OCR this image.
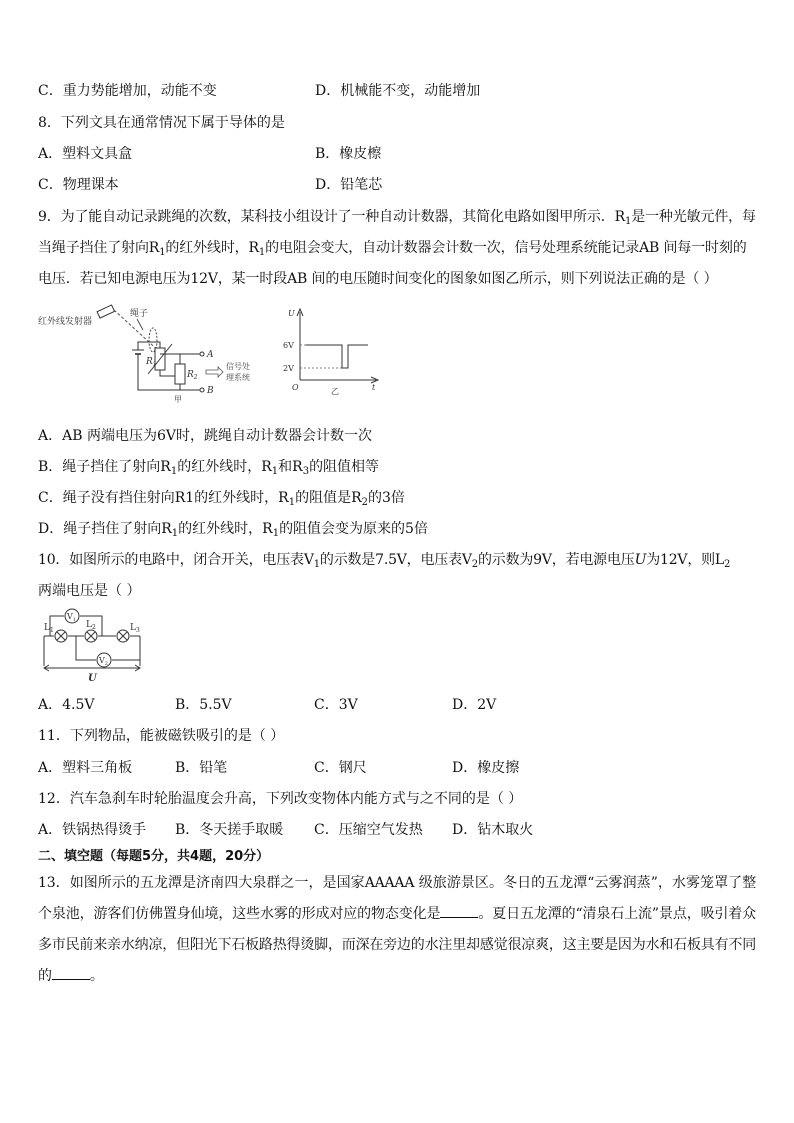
C．重力势能增加，动能不变	D．机械能不变，动能增加
8．下列文具在通常情况下属于导体的是
A．塑料文具盒	B．橡皮檫
C．物理课本	D．铅笔芯
9．为了能自动记录跳绳的次数，某科技小组设计了一种自动计数器，其简化电路如图甲所示．$R_1$是一种光敏元件，每
当绳子挡住了射向$R_1$的红外线时，$R_1$的电阻会变大，自动计数器会计数一次，信号处理系统能记录AB 间每一时刻的
电压．若已知电源电压为12V，某一时段AB 间的电压随时间变化的图象如图乙所示，则下列说法正确的是（ ）
红外线发射器
绳子
$R_1$
$R_2$
A
B
信号处
理系统
甲
U
t
O
6V
2V
乙
A．AB 两端电压为6V时，跳绳自动计数器会计数一次
B．绳子挡住了射向$R_1$的红外线时，$R_1$和$R_3$的阻值相等
C．绳子没有挡住射向R1的红外线时，$R_1$的阻值是$R_2$的3倍
D．绳子挡住了射向$R_1$的红外线时，$R_1$的阻值会变为原来的5倍
10．如图所示的电路中，闭合开关，电压表$V_1$的示数是7.5V，电压表$V_2$的示数为9V，若电源电压U为12V，则$L_2$
两端电压是（ ）
$L_1$
$L_2$	$L_3$
$V_1$
$V_2$
U
A．4.5V	B．5.5V	C．3V	D．2V
11．下列物品，能被磁铁吸引的是（ ）
A．塑料三角板	B．铅笔	C．钢尺	D．橡皮擦
12．汽车急刹车时轮胎温度会升高，下列改变物体内能方式与之不同的是（ ）
A．铁锅热得烫手 B．冬天搓手取暖 C．压缩空气发热 D．钻木取火
二、填空题（每题5分，共4题，20分）
13．如图所示的五龙潭是济南四大泉群之一，是国家AAAAA 级旅游景区。冬日的五龙潭“云雾润蒸”，水雾笼罩了整个泉池，游客们仿佛置身仙境，这些水雾的形成对应的物态变化是	。夏日五龙潭的“清泉石上流”景点，吸引着众多市民前来亲水纳凉，但阳光下石板路热得烫脚，而深在旁边的水注里却感觉很凉爽，这主要是因为水和石板具有不同的	。
